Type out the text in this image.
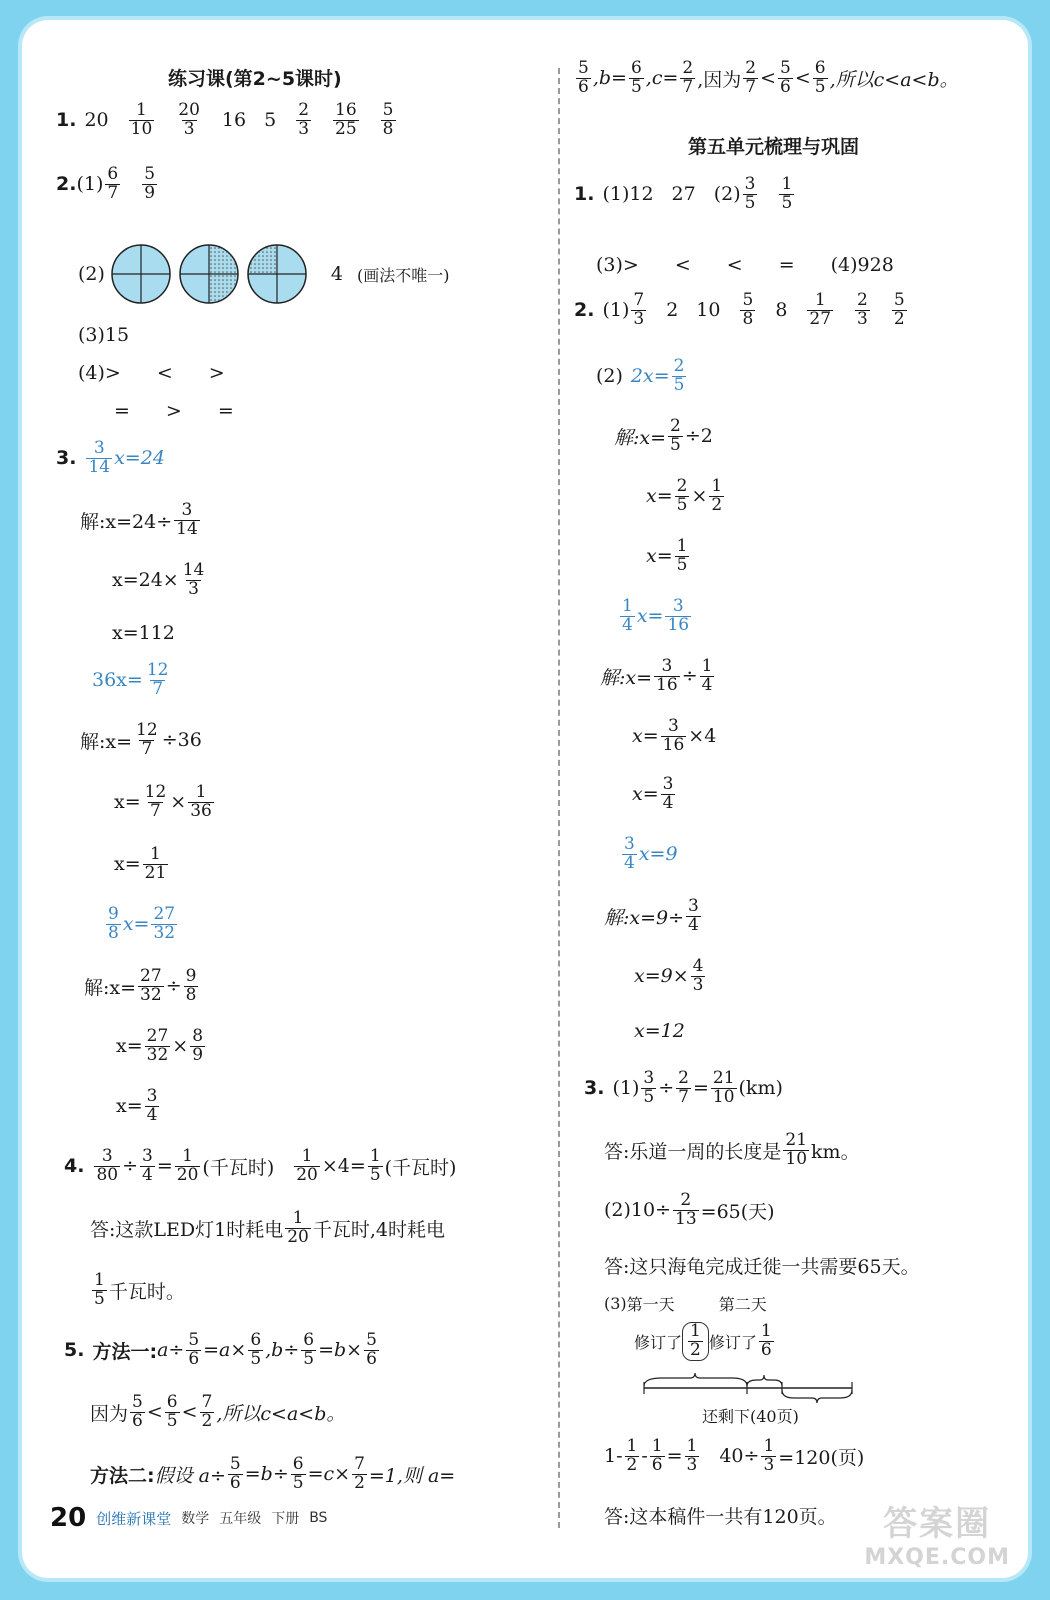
练习课(第2~5课时)
1. $20 \frac{1}{10} \frac{20}{3} 16$ $5 \frac{2}{3} \frac{16}{25} \frac{5}{8}$
2. $(1) \frac{6}{7} \frac{5}{9}$
(2)	4 (画法不唯一)
(3)15
(4) > < >
= > =
3. $\frac{3}{14} x=24$
解:x=24÷ $\frac{3}{14}$
$x=24\times \frac{14}{3}$
x=112
$36x= \frac{12}{7}$
解:x= $\frac{12}{7} \div 36$
$x= \frac{12}{7} \times \frac{1}{36}$
$x= \frac{1}{21}$
$\frac{9}{8} x= \frac{27}{32}$
解:x= $\frac{27}{32} \div \frac{9}{8}$
$x= \frac{27}{32} \times \frac{8}{9}$
$x= \frac{3}{4}$
4. $\frac{3}{80} \div \frac{3}{4} = \frac{1}{20}$ (千瓦时) $\frac{1}{20} \times 4= \frac{1}{5}$ (千瓦时)
答:这款LED灯1时耗电 $\frac{1}{20}$ 千瓦时,4时耗电
$\frac{1}{5}$ 千瓦时。
5. 方法一: $a\div \frac{5}{6} =a\times \frac{6}{5} ,b\div \frac{6}{5} =b\times \frac{5}{6}$
因为 $\frac{5}{6} < \frac{6}{5} < \frac{7}{2}$ ,所以c<a<b。
方法二: 假设 $a\div \frac{5}{6} =b\div \frac{6}{5} =c\times \frac{7}{2} =1$,则 a=
$\frac{5}{6} ,b= \frac{6}{5} ,c= \frac{2}{7}$ ,因为 $\frac{2}{7} < \frac{5}{6} < \frac{6}{5}$ ,所以c<a<b。
第五单元梳理与巩固
1. (1)12 27 $(2) \frac{3}{5} \frac{1}{5}$
(3)> < < = (4)928
2. $(1) \frac{7}{3} 2$ $10 \frac{5}{8} 8 \frac{1}{27} \frac{2}{3} \frac{5}{2}$
(2) $2x= \frac{2}{5}$
解:x= $\frac{2}{5} \div 2$
$x= \frac{2}{5} \times \frac{1}{2}$
$x= \frac{1}{5}$
$\frac{1}{4} x= \frac{3}{16}$
解:x= $\frac{3}{16} \div \frac{1}{4}$
$x= \frac{3}{16} \times 4$
$x= \frac{3}{4}$
$\frac{3}{4} x=9$
解:x=9÷ $\frac{3}{4}$
$x=9\times \frac{4}{3}$
x=12
3. $(1) \frac{3}{5} \div \frac{2}{7} = \frac{21}{10} (km)$
答:乐道一周的长度是 $\frac{21}{10}$ km。
$(2)10\div \frac{2}{13} =65$(天)
答:这只海龟完成迁徙一共需要65天。
(3) 第一天	第二天
修订了 $\frac{1}{2}$ 修订了 $\frac{1}{6}$
还剩下(40页)
$1- \frac{1}{2} - \frac{1}{6} = \frac{1}{3} 40\div \frac{1}{3} =120$(页)
答:这本稿件一共有120页。
20 创维新课堂 数学 五年级 下册 BS	答案圈
MXQE.COM
